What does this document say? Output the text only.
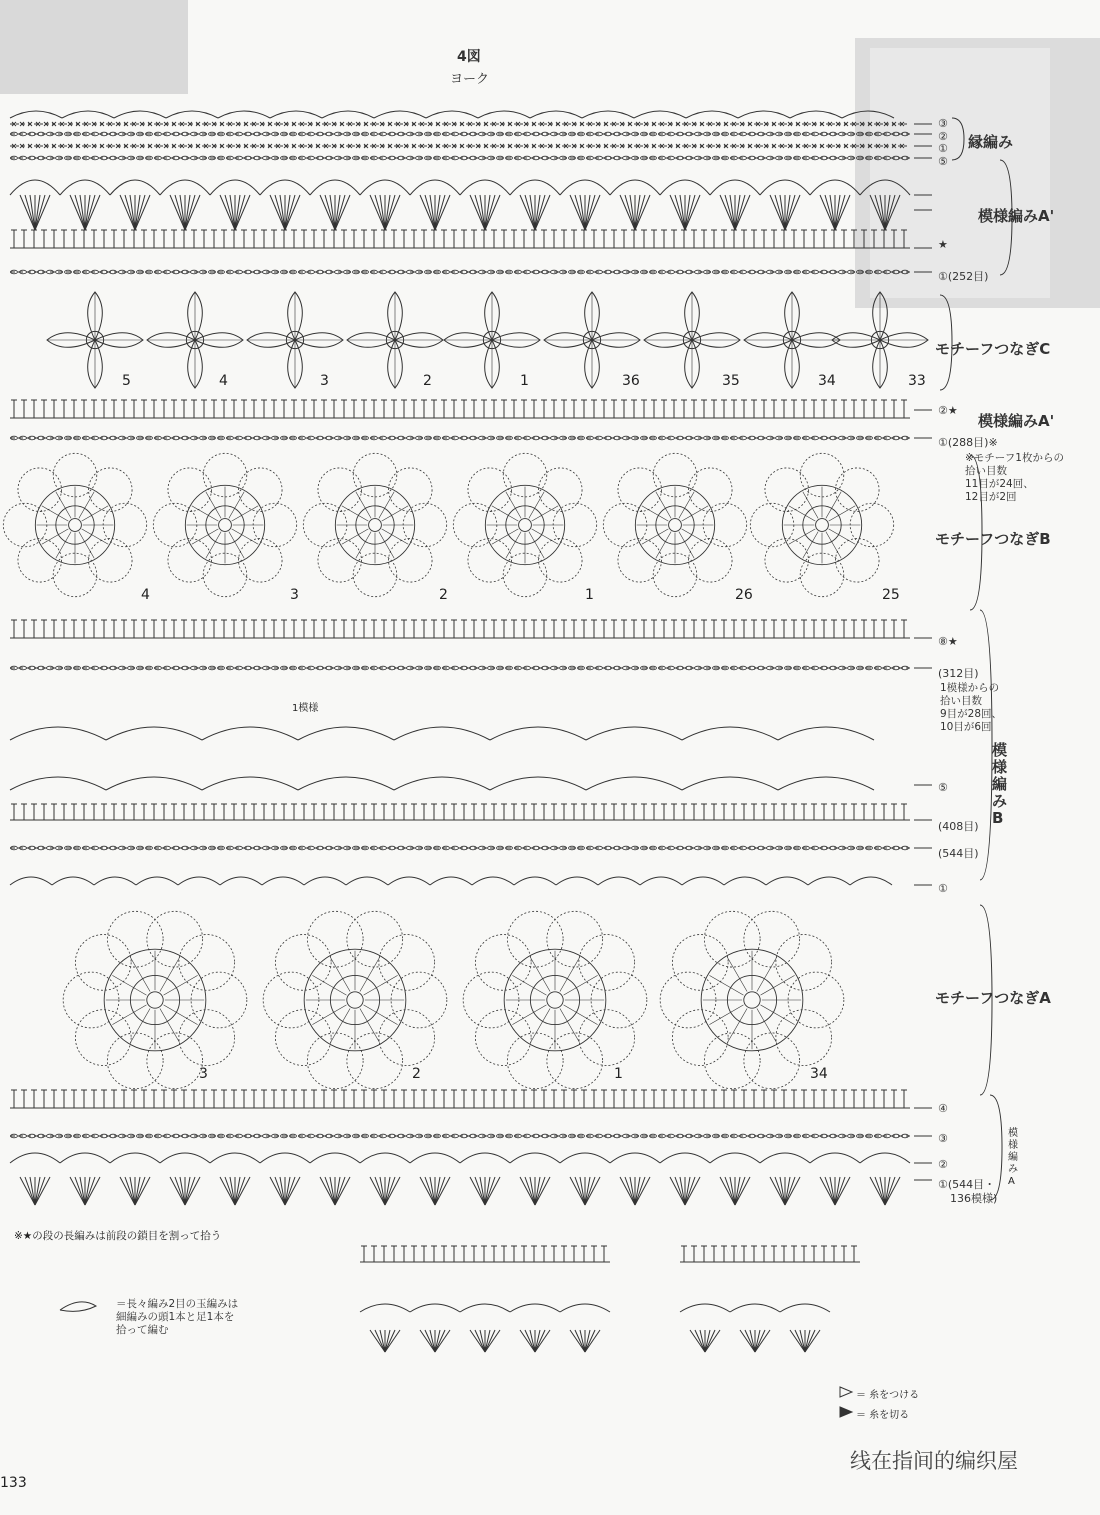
4図
ヨーク
縁編み
模様編みA'
モチーフつなぎC
模様編みA'
モチーフつなぎB
模様編みB
モチーフつなぎA
模様編みA
③
②
①
⑤
★
①(252目)
②★
①(288目)※
※モチーフ1枚からの
拾い目数
11目が24回、
12目が2回
⑧★
(312目)
1模様からの
拾い目数
9目が28回、
10目が6回
⑤
(408目)
(544目)
①
④
③
②
①(544目・
136模様)
1模様
5	4	3	2	1	36	35	34	33
4	3	2	1	26	25
3	2	1	34
※★の段の長編みは前段の鎖目を割って拾う
＝長々編み2目の玉編みは
細編みの頭1本と足1本を
拾って編む
＝ 糸をつける
＝ 糸を切る
133
线在指间的编织屋
